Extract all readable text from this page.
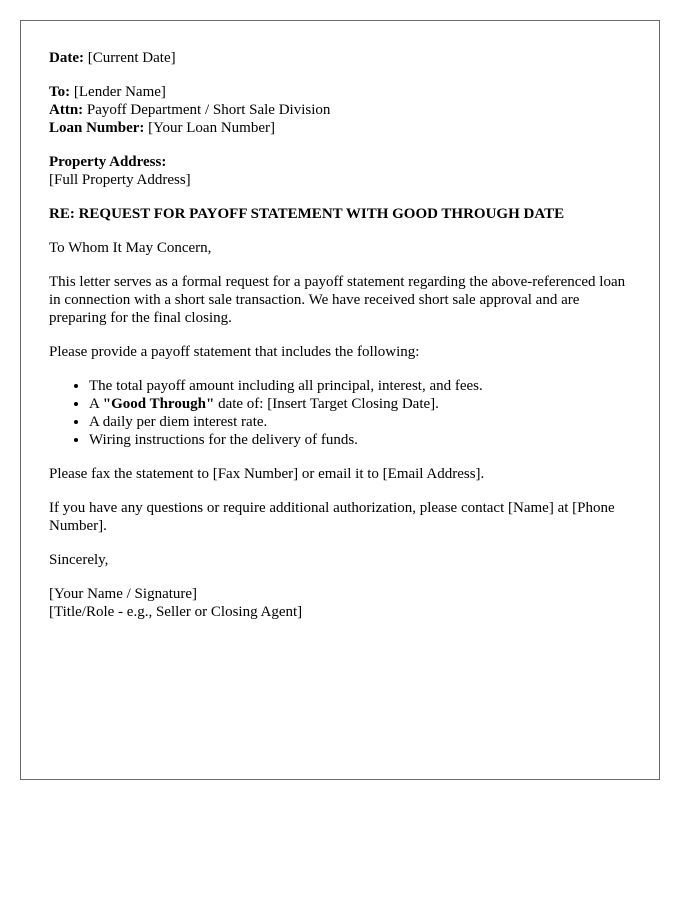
Date: [Current Date]
To: [Lender Name]
Attn: Payoff Department / Short Sale Division
Loan Number: [Your Loan Number]
Property Address:
[Full Property Address]
RE: REQUEST FOR PAYOFF STATEMENT WITH GOOD THROUGH DATE

To Whom It May Concern,

This letter serves as a formal request for a payoff statement regarding the above-referenced loan in connection with a short sale transaction. We have received short sale approval and are preparing for the final closing.

Please provide a payoff statement that includes the following:

• The total payoff amount including all principal, interest, and fees.
• A "Good Through" date of: [Insert Target Closing Date].
• A daily per diem interest rate.
• Wiring instructions for the delivery of funds.

Please fax the statement to [Fax Number] or email it to [Email Address].

If you have any questions or require additional authorization, please contact [Name] at [Phone Number].

Sincerely,

[Your Name / Signature]
[Title/Role - e.g., Seller or Closing Agent]
